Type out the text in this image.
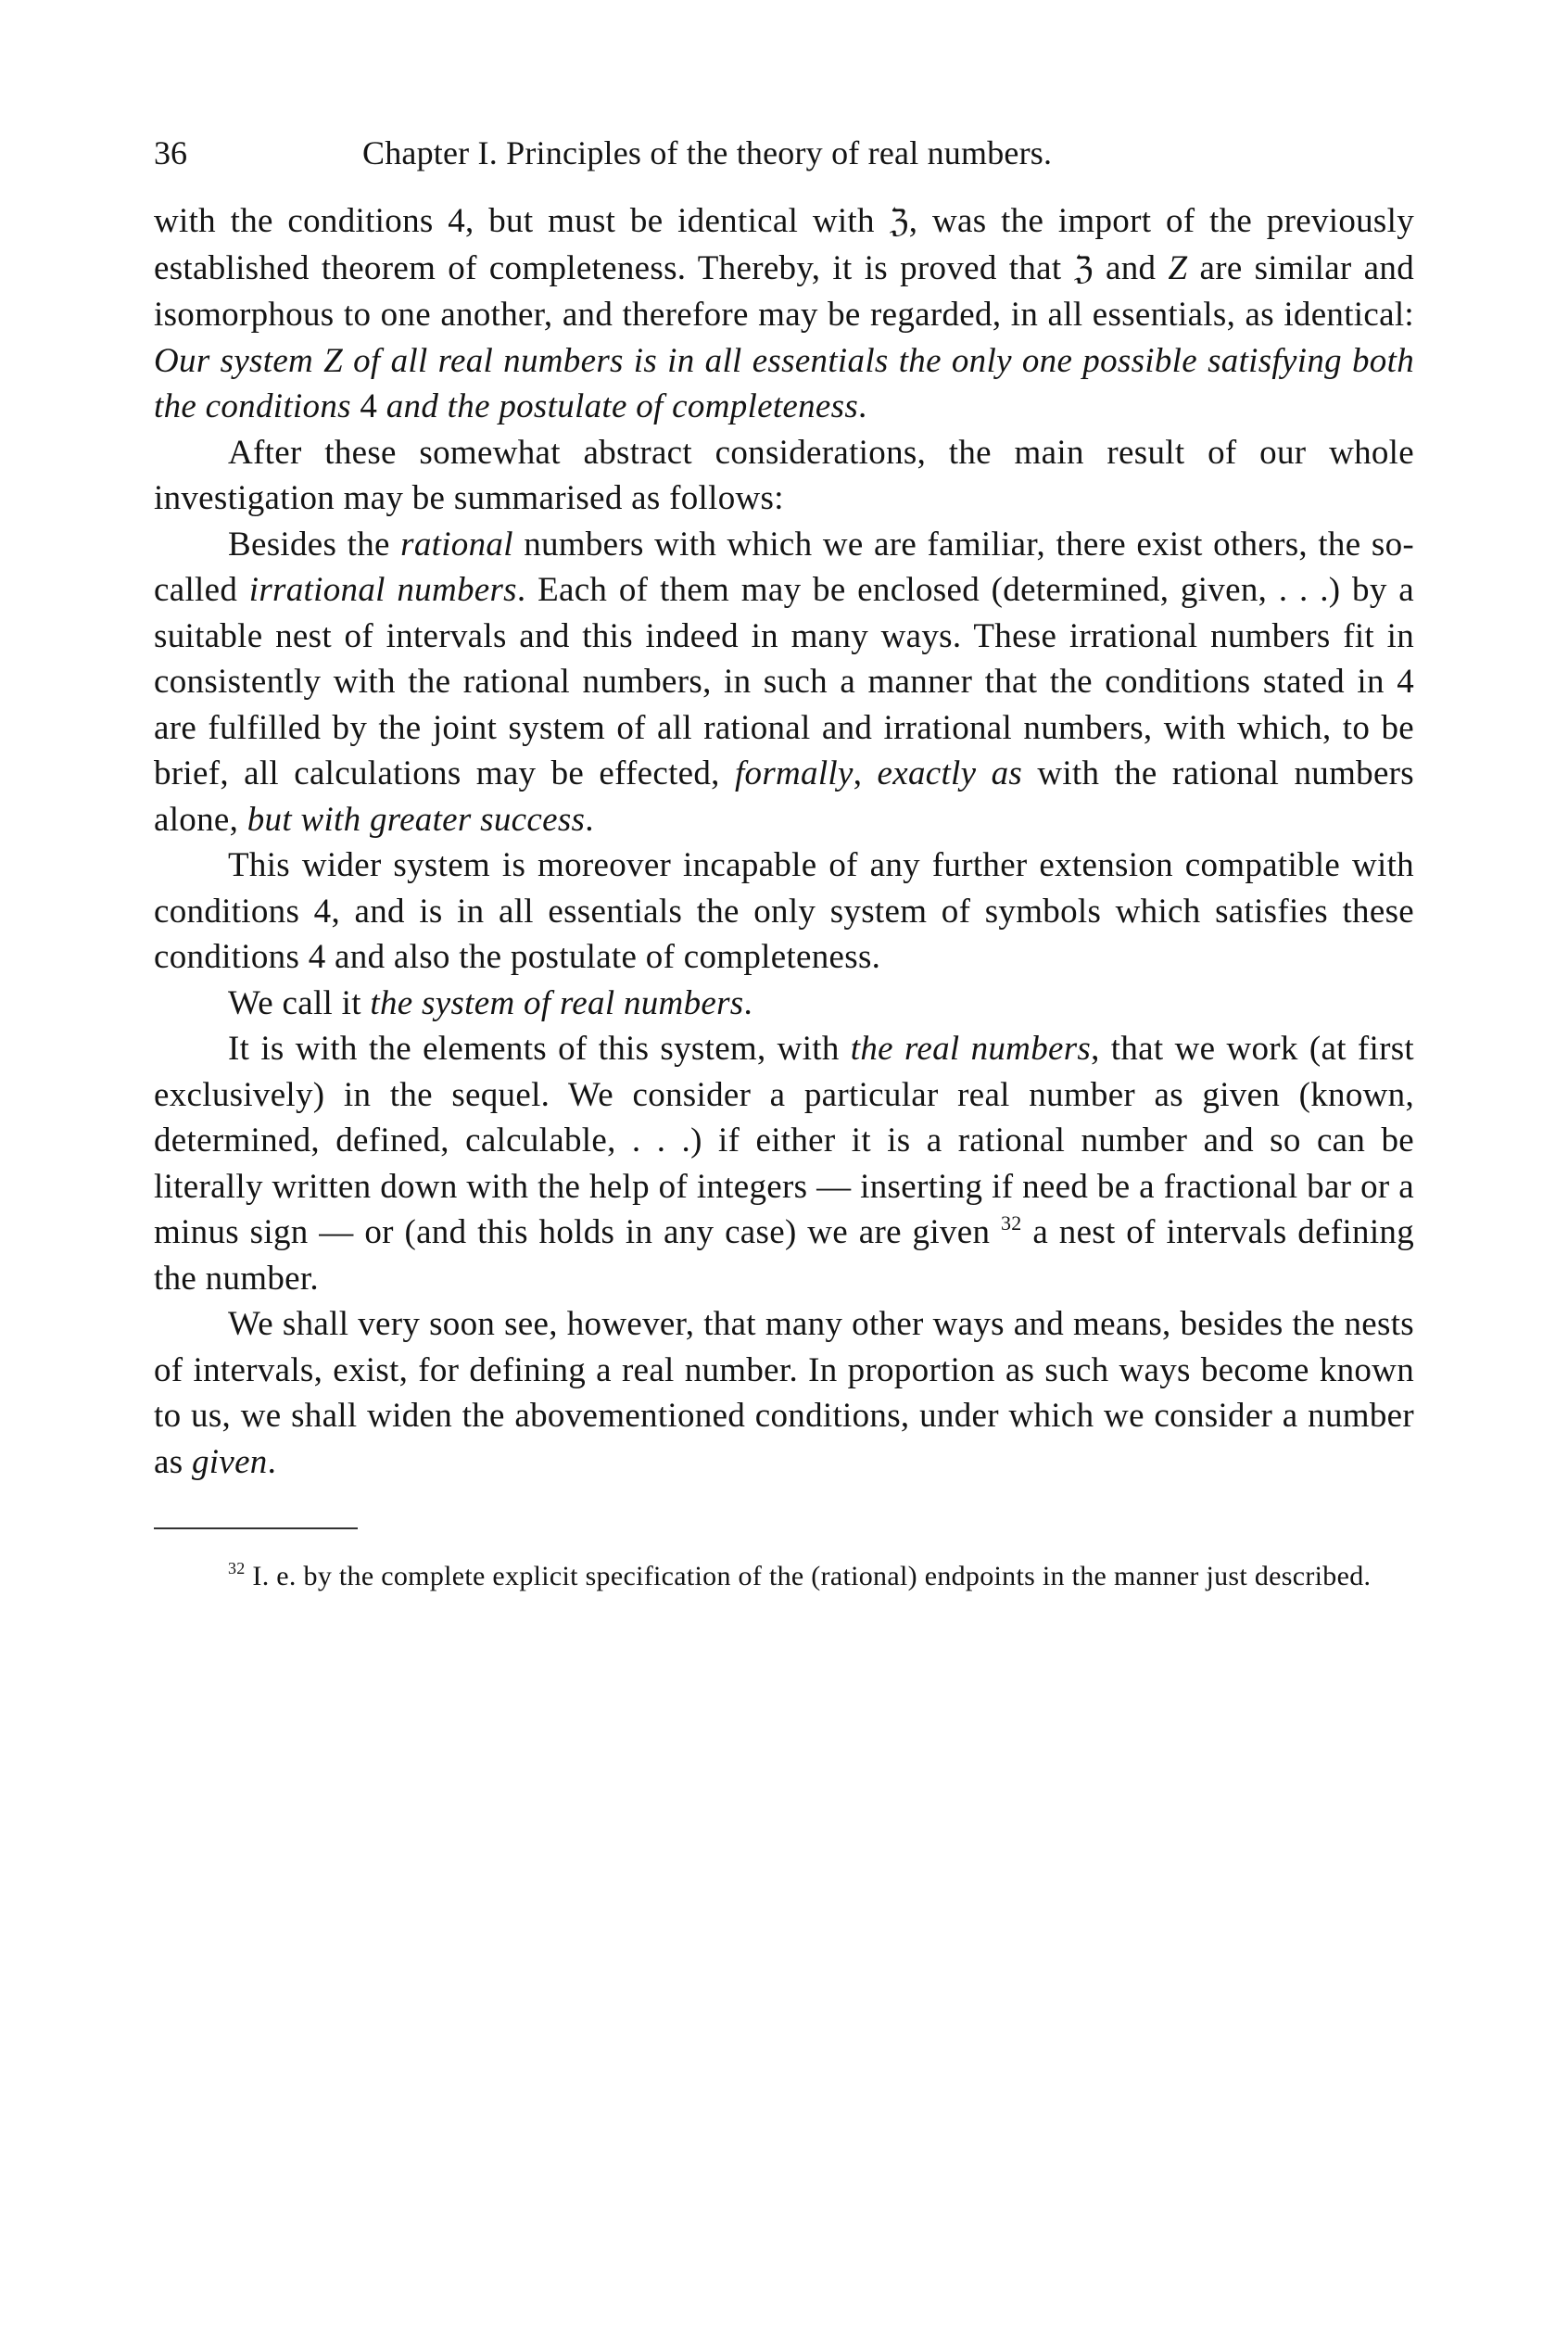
36	Chapter I. Principles of the theory of real numbers.

with the conditions 4, but must be identical with ℨ, was the import of the previously established theorem of completeness. Thereby, it is proved that ℨ and Z are similar and isomorphous to one another, and therefore may be regarded, in all essentials, as identical: Our system Z of all real numbers is in all essentials the only one possible satisfying both the conditions 4 and the postulate of completeness.

After these somewhat abstract considerations, the main result of our whole investigation may be summarised as follows:

Besides the rational numbers with which we are familiar, there exist others, the so-called irrational numbers. Each of them may be enclosed (determined, given, . . .) by a suitable nest of intervals and this indeed in many ways. These irrational numbers fit in consistently with the rational numbers, in such a manner that the conditions stated in 4 are fulfilled by the joint system of all rational and irrational numbers, with which, to be brief, all calculations may be effected, formally, exactly as with the rational numbers alone, but with greater success.

This wider system is moreover incapable of any further extension compatible with conditions 4, and is in all essentials the only system of symbols which satisfies these conditions 4 and also the postulate of completeness.

We call it the system of real numbers.

It is with the elements of this system, with the real numbers, that we work (at first exclusively) in the sequel. We consider a particular real number as given (known, determined, defined, calculable, . . .) if either it is a rational number and so can be literally written down with the help of integers — inserting if need be a fractional bar or a minus sign — or (and this holds in any case) we are given $^{32}$ a nest of intervals defining the number.

We shall very soon see, however, that many other ways and means, besides the nests of intervals, exist, for defining a real number. In proportion as such ways become known to us, we shall widen the abovementioned conditions, under which we consider a number as given.

$^{32}$ I. e. by the complete explicit specification of the (rational) endpoints in the manner just described.
